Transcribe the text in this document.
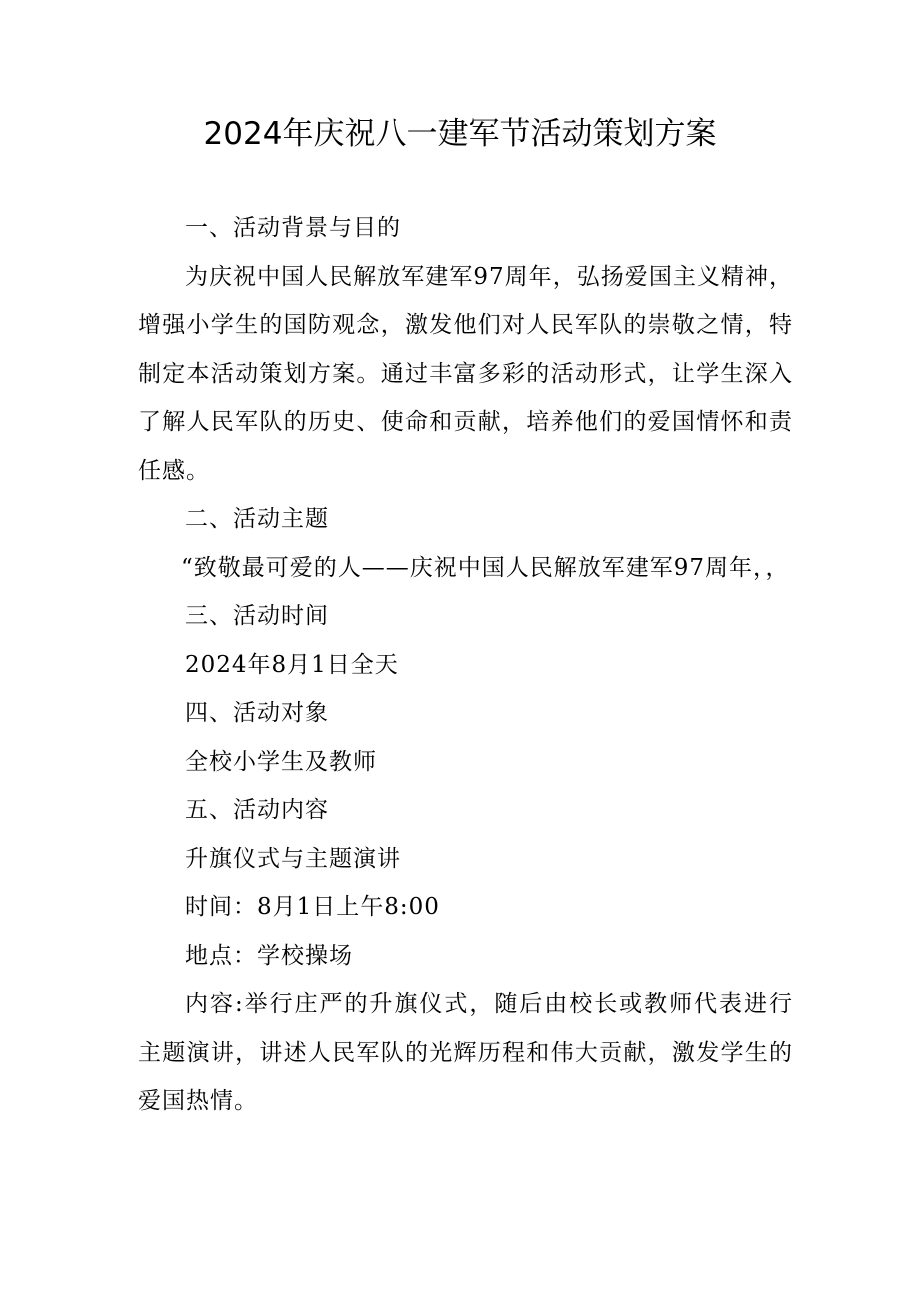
2024年庆祝八一建军节活动策划方案

一、活动背景与目的

为庆祝中国人民解放军建军97周年，弘扬爱国主义精神，增强小学生的国防观念，激发他们对人民军队的崇敬之情，特制定本活动策划方案。通过丰富多彩的活动形式，让学生深入了解人民军队的历史、使命和贡献，培养他们的爱国情怀和责任感。

二、活动主题

“致敬最可爱的人——庆祝中国人民解放军建军97周年，，

三、活动时间

2024年8月1日全天

四、活动对象

全校小学生及教师

五、活动内容

升旗仪式与主题演讲

时间：8月1日上午8:00

地点：学校操场

内容:举行庄严的升旗仪式，随后由校长或教师代表进行主题演讲，讲述人民军队的光辉历程和伟大贡献，激发学生的爱国热情。
